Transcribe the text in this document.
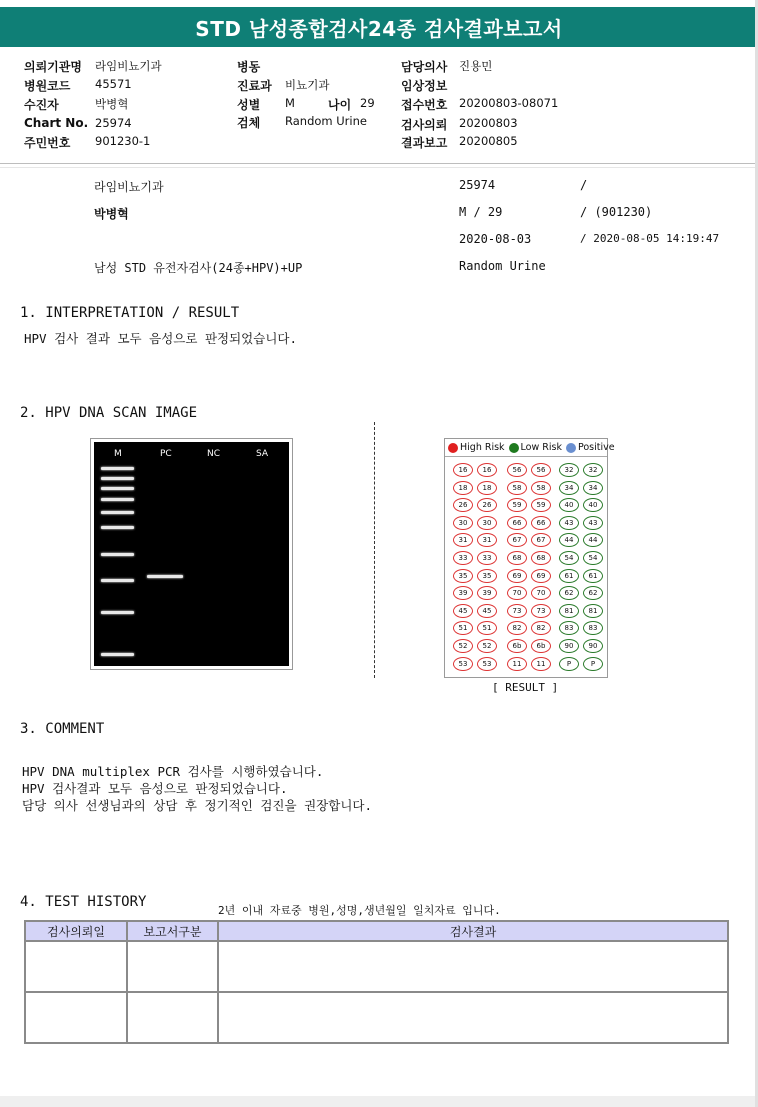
STD 남성종합검사24종 검사결과보고서
의뢰기관명 라임비뇨기과
병원코드 45571
수진자	박병혁
Chart No. 25974
주민번호 901230-1
병동
진료과 비뇨기과
성별 M	나이 29
검체 Random Urine
담당의사 진용민
임상정보
접수번호 20200803-08071
검사의뢰 20200803
결과보고 20200805
라임비뇨기과	25974	/
박병혁	M / 29	/ (901230)
2020-08-03	/ 2020-08-05 14:19:47
남성 STD 유전자검사(24종+HPV)+UP	Random Urine
1. INTERPRETATION / RESULT
HPV 검사 결과 모두 음성으로 판정되었습니다.
2. HPV DNA SCAN IMAGE
M	PC	NC	SA
High Risk Low Risk Positive
16	16	56	56	32	32
18	18	58	58	34	34
26	26	59	59	40	40
30	30	66	66	43	43
31	31	67	67	44	44
33	33	68	68	54	54
35	35	69	69	61	61
39	39	70	70	62	62
45	45	73	73	81	81
51	51	82	82	83	83
52	52	6b	6b	90	90
53	53	11	11	P	P
[ RESULT ]
3. COMMENT
HPV DNA multiplex PCR 검사를 시행하였습니다.
HPV 검사결과 모두 음성으로 판정되었습니다.
담당 의사 선생님과의 상담 후 정기적인 검진을 권장합니다.
4. TEST HISTORY
2년 이내 자료중 병원,성명,생년월일 일치자료 입니다.
검사의뢰일	보고서구분	검사결과
